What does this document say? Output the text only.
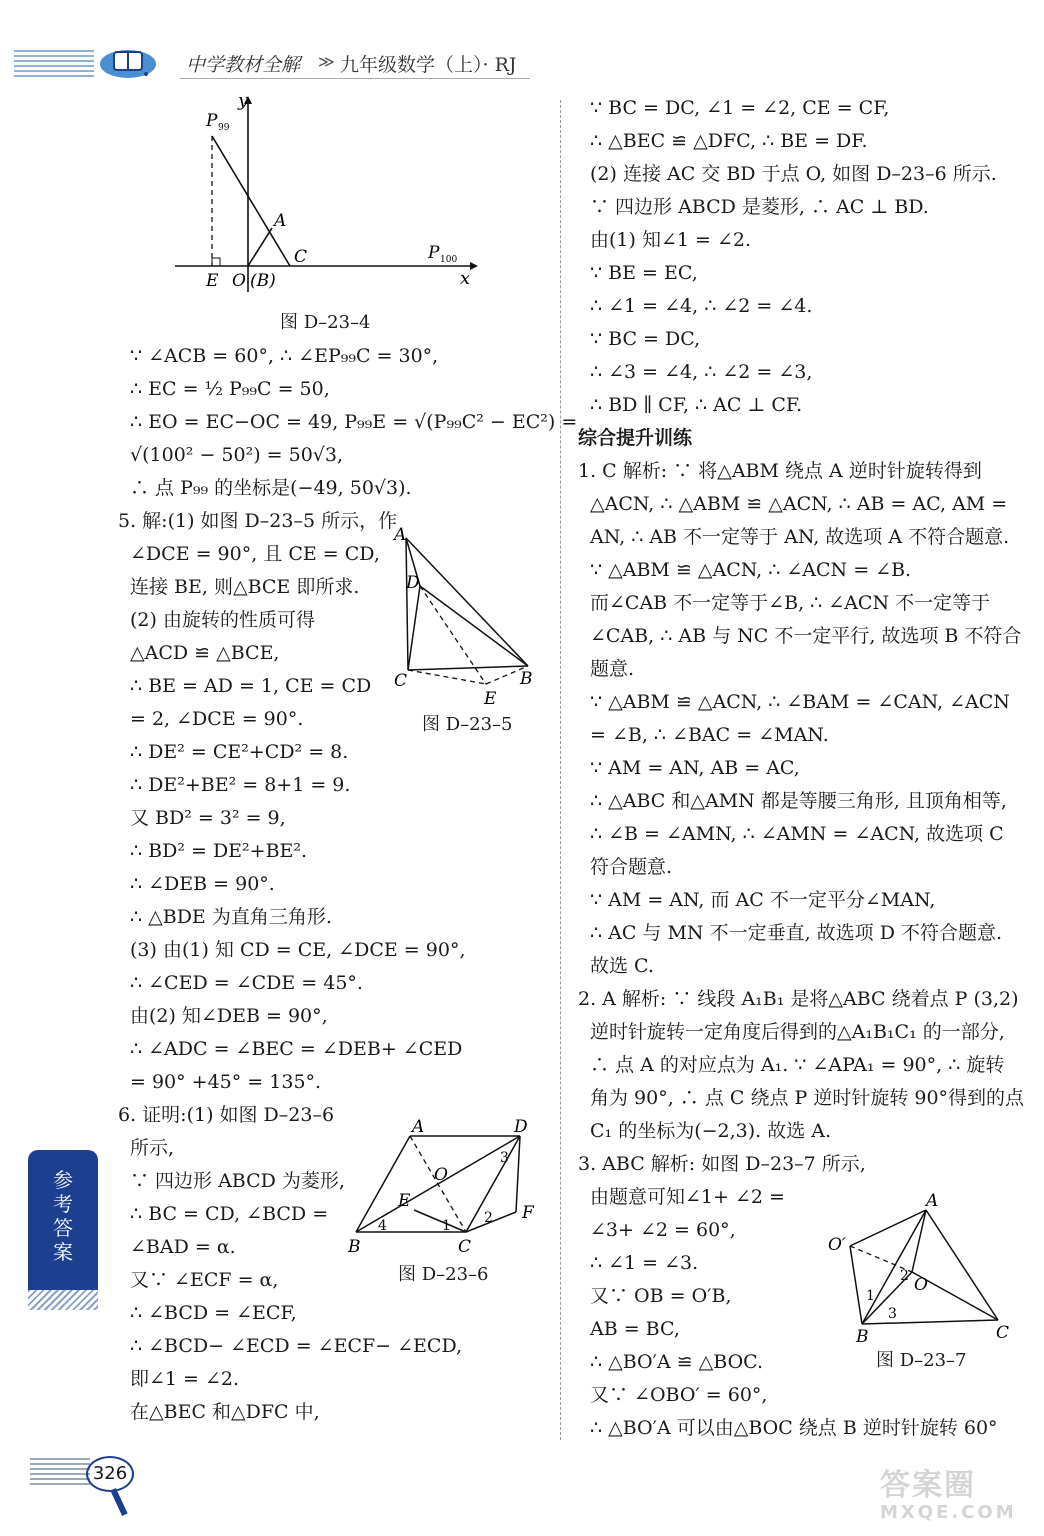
中学教材全解 ≫ 九年级数学（上）· RJ
y
x
P 99
A
C
E O (B)
P 100
图 D–23–4
A
D
C	B
E
图 D–23–5
A	D
O
E
B	C
F
1 2
3
4
图 D–23–6
A
O′
O
B	C
1
2
3
图 D–23–7

∵ ∠ACB = 60°, ∴ ∠EP₉₉C = 30°,

∴ EC = ½ P₉₉C = 50,

∴ EO = EC−OC = 49, P₉₉E = √(P₉₉C² − EC²) =

√(100² − 50²) = 50√3,

∴ 点 P₉₉ 的坐标是(−49, 50√3).

5. 解:(1) 如图 D–23–5 所示，作

∠DCE = 90°, 且 CE = CD,

连接 BE, 则△BCE 即所求.

(2) 由旋转的性质可得

△ACD ≌ △BCE,

∴ BE = AD = 1, CE = CD

= 2, ∠DCE = 90°.

∴ DE² = CE²+CD² = 8.

∴ DE²+BE² = 8+1 = 9.

又 BD² = 3² = 9,

∴ BD² = DE²+BE².

∴ ∠DEB = 90°.

∴ △BDE 为直角三角形.

(3) 由(1) 知 CD = CE, ∠DCE = 90°,

∴ ∠CED = ∠CDE = 45°.

由(2) 知∠DEB = 90°,

∴ ∠ADC = ∠BEC = ∠DEB+ ∠CED

= 90° +45° = 135°.

6. 证明:(1) 如图 D–23–6

所示,

∵ 四边形 ABCD 为菱形,

∴ BC = CD, ∠BCD =

∠BAD = α.

又∵ ∠ECF = α,

∴ ∠BCD = ∠ECF,

∴ ∠BCD− ∠ECD = ∠ECF− ∠ECD,

即∠1 = ∠2.

在△BEC 和△DFC 中,

∵ BC = DC, ∠1 = ∠2, CE = CF,

∴ △BEC ≌ △DFC, ∴ BE = DF.

(2) 连接 AC 交 BD 于点 O, 如图 D–23–6 所示.

∵ 四边形 ABCD 是菱形, ∴ AC ⊥ BD.

由(1) 知∠1 = ∠2.

∵ BE = EC,

∴ ∠1 = ∠4, ∴ ∠2 = ∠4.

∵ BC = DC,

∴ ∠3 = ∠4, ∴ ∠2 = ∠3,

∴ BD ∥ CF, ∴ AC ⊥ CF.

综合提升训练

1. C 解析: ∵ 将△ABM 绕点 A 逆时针旋转得到

△ACN, ∴ △ABM ≌ △ACN, ∴ AB = AC, AM =

AN, ∴ AB 不一定等于 AN, 故选项 A 不符合题意.

∵ △ABM ≌ △ACN, ∴ ∠ACN = ∠B.

而∠CAB 不一定等于∠B, ∴ ∠ACN 不一定等于

∠CAB, ∴ AB 与 NC 不一定平行, 故选项 B 不符合

题意.

∵ △ABM ≌ △ACN, ∴ ∠BAM = ∠CAN, ∠ACN

= ∠B, ∴ ∠BAC = ∠MAN.

∵ AM = AN, AB = AC,

∴ △ABC 和△AMN 都是等腰三角形, 且顶角相等,

∴ ∠B = ∠AMN, ∴ ∠AMN = ∠ACN, 故选项 C

符合题意.

∵ AM = AN, 而 AC 不一定平分∠MAN,

∴ AC 与 MN 不一定垂直, 故选项 D 不符合题意.

故选 C.

2. A 解析: ∵ 线段 A₁B₁ 是将△ABC 绕着点 P (3,2)

逆时针旋转一定角度后得到的△A₁B₁C₁ 的一部分,

∴ 点 A 的对应点为 A₁. ∵ ∠APA₁ = 90°, ∴ 旋转

角为 90°, ∴ 点 C 绕点 P 逆时针旋转 90°得到的点

C₁ 的坐标为(−2,3). 故选 A.

3. ABC 解析: 如图 D–23–7 所示,

由题意可知∠1+ ∠2 =

∠3+ ∠2 = 60°,

∴ ∠1 = ∠3.

又∵ OB = O′B,

AB = BC,

∴ △BO′A ≌ △BOC.

又∵ ∠OBO′ = 60°,

∴ △BO′A 可以由△BOC 绕点 B 逆时针旋转 60°

参考答案
326	答案圈
MXQE.COM
